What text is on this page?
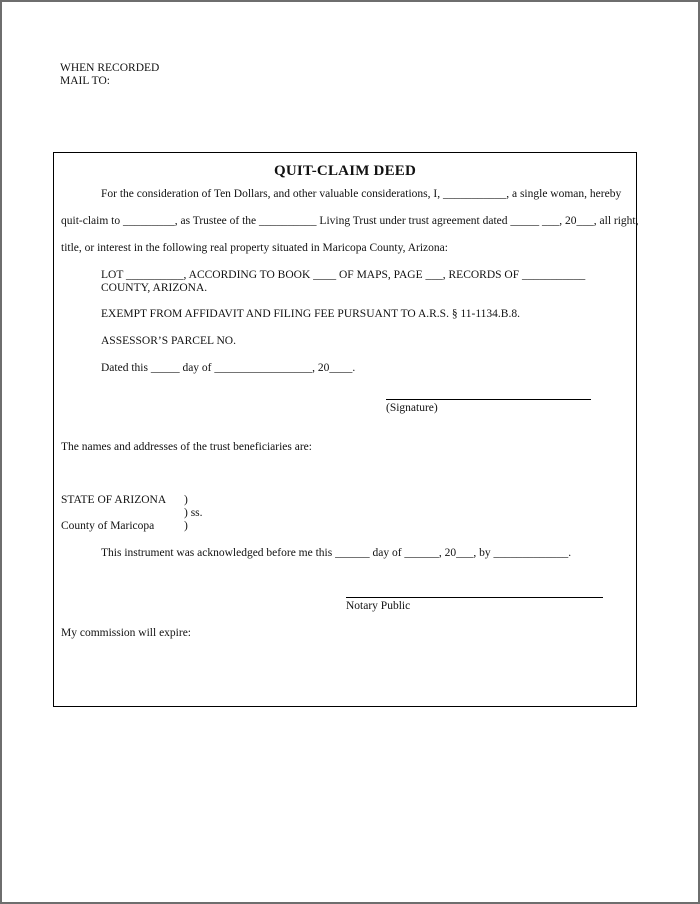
WHEN RECORDED
MAIL TO:
QUIT-CLAIM DEED
For the consideration of Ten Dollars, and other valuable considerations, I, ___________, a single woman, hereby
quit-claim to _________, as Trustee of the __________ Living Trust under trust agreement dated _____ ___, 20___, all right,
title, or interest in the following real property situated in Maricopa County, Arizona:
LOT __________, ACCORDING TO BOOK ____ OF MAPS, PAGE ___, RECORDS OF ___________
COUNTY, ARIZONA.
EXEMPT FROM AFFIDAVIT AND FILING FEE PURSUANT TO A.R.S. § 11-1134.B.8.
ASSESSOR’S PARCEL NO.
Dated this _____ day of _________________, 20____.
(Signature)
The names and addresses of the trust beneficiaries are:
STATE OF ARIZONA )
) ss.
County of Maricopa	)
This instrument was acknowledged before me this ______ day of ______, 20___, by _____________.
Notary Public
My commission will expire:
